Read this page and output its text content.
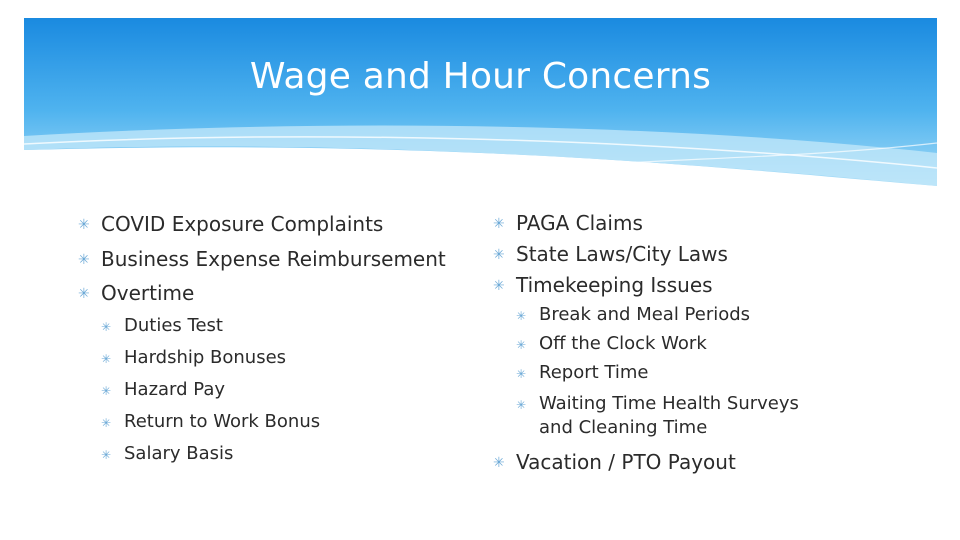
Wage and Hour Concerns
✳ COVID Exposure Complaints
✳ Business Expense Reimbursement
✳ Overtime
✳ Duties Test
✳ Hardship Bonuses
✳ Hazard Pay
✳ Return to Work Bonus
✳ Salary Basis
✳ PAGA Claims
✳ State Laws/City Laws
✳ Timekeeping Issues
✳ Break and Meal Periods
✳ Off the Clock Work
✳ Report Time
✳ Waiting Time Health Surveys and Cleaning Time
✳ Vacation / PTO Payout
